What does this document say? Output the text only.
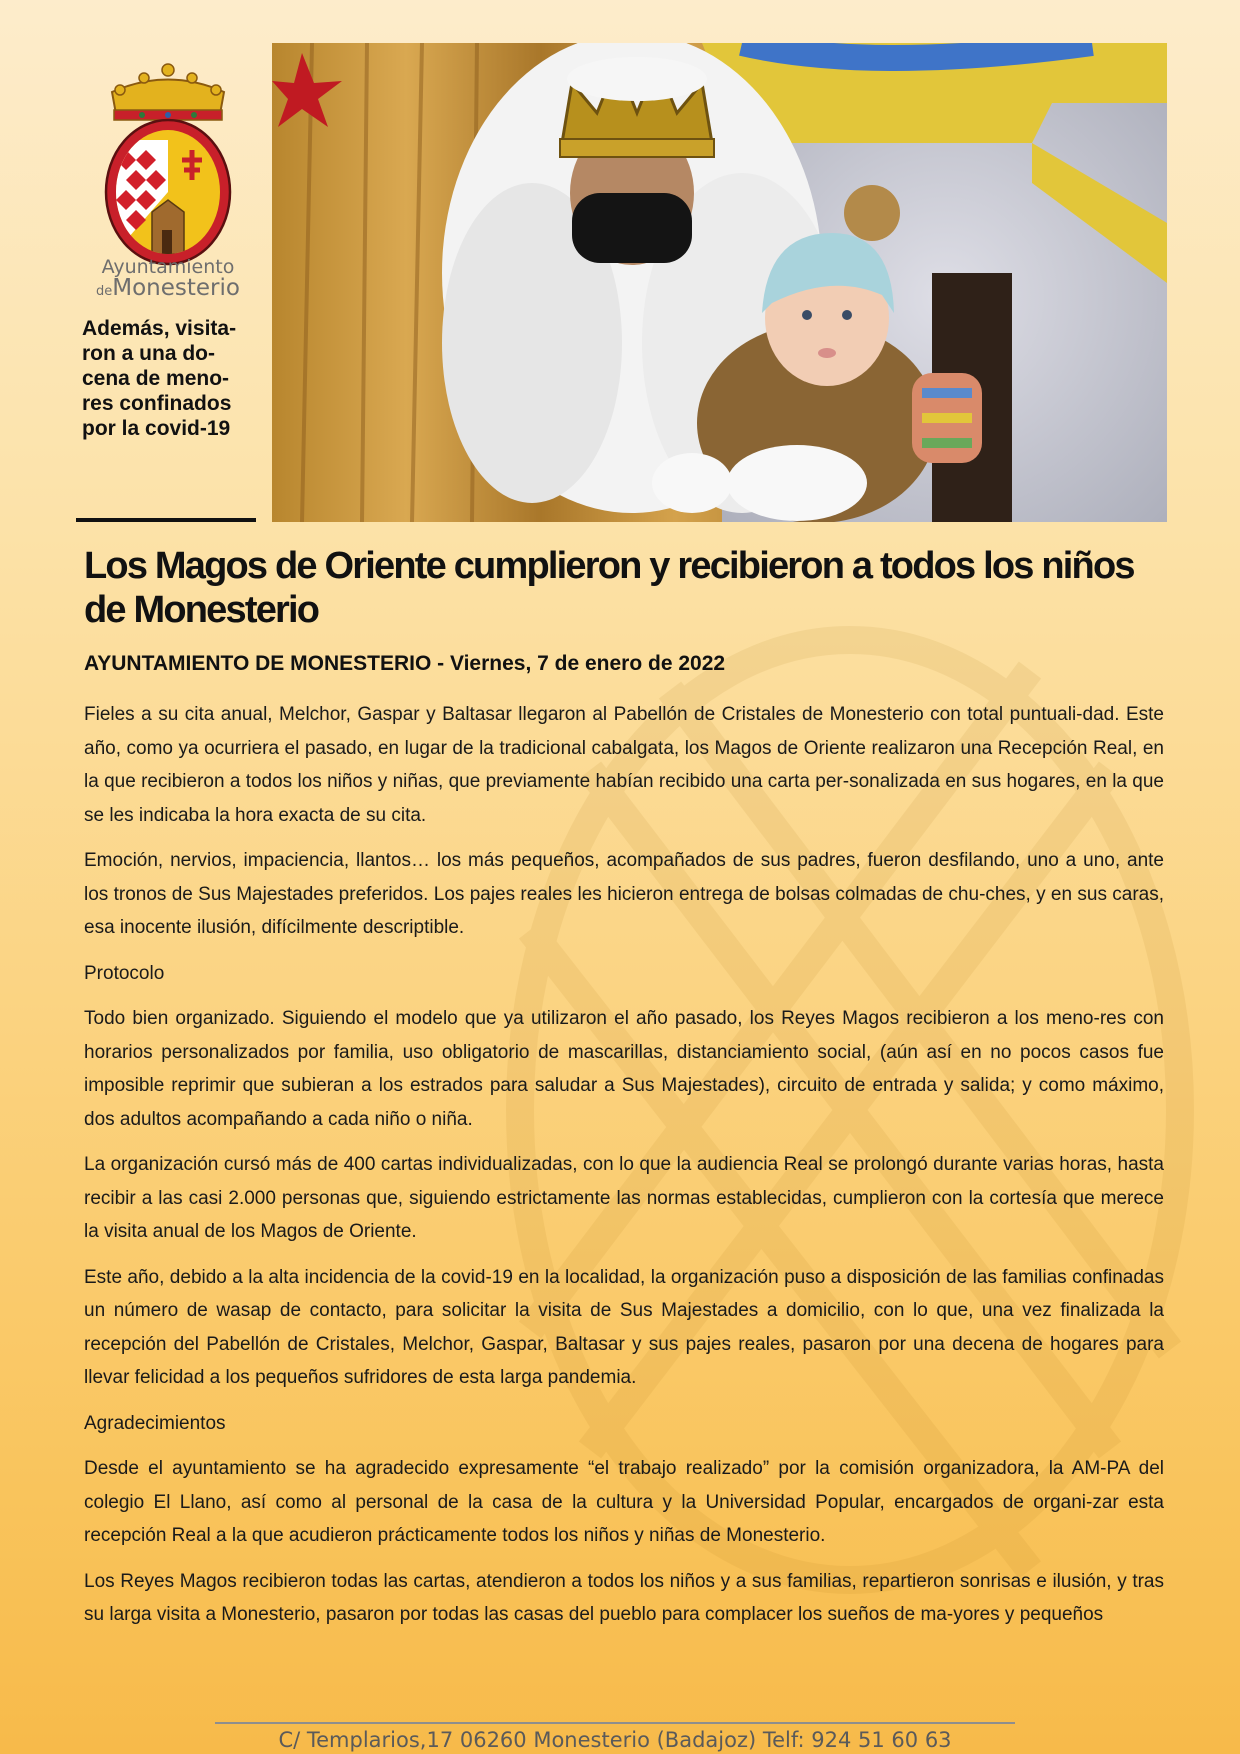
Ayuntamiento
deMonesterio
Además, visita-
ron a una do-
cena de meno-
res confinados
por la covid-19
Los Magos de Oriente cumplieron y recibieron a todos los niños
de Monesterio

AYUNTAMIENTO DE MONESTERIO - Viernes, 7 de enero de 2022

Fieles a su cita anual, Melchor, Gaspar y Baltasar llegaron al Pabellón de Cristales de Monesterio con total puntuali-dad. Este año, como ya ocurriera el pasado, en lugar de la tradicional cabalgata, los Magos de Oriente realizaron una Recepción Real, en la que recibieron a todos los niños y niñas, que previamente habían recibido una carta per-sonalizada en sus hogares, en la que se les indicaba la hora exacta de su cita.

Emoción, nervios, impaciencia, llantos… los más pequeños, acompañados de sus padres, fueron desfilando, uno a uno, ante los tronos de Sus Majestades preferidos. Los pajes reales les hicieron entrega de bolsas colmadas de chu-ches, y en sus caras, esa inocente ilusión, difícilmente descriptible.

Protocolo

Todo bien organizado. Siguiendo el modelo que ya utilizaron el año pasado, los Reyes Magos recibieron a los meno-res con horarios personalizados por familia, uso obligatorio de mascarillas, distanciamiento social, (aún así en no pocos casos fue imposible reprimir que subieran a los estrados para saludar a Sus Majestades), circuito de entrada y salida; y como máximo, dos adultos acompañando a cada niño o niña.

La organización cursó más de 400 cartas individualizadas, con lo que la audiencia Real se prolongó durante varias horas, hasta recibir a las casi 2.000 personas que, siguiendo estrictamente las normas establecidas, cumplieron con la cortesía que merece la visita anual de los Magos de Oriente.

Este año, debido a la alta incidencia de la covid-19 en la localidad, la organización puso a disposición de las familias confinadas un número de wasap de contacto, para solicitar la visita de Sus Majestades a domicilio, con lo que, una vez finalizada la recepción del Pabellón de Cristales, Melchor, Gaspar, Baltasar y sus pajes reales, pasaron por una decena de hogares para llevar felicidad a los pequeños sufridores de esta larga pandemia.

Agradecimientos

Desde el ayuntamiento se ha agradecido expresamente “el trabajo realizado” por la comisión organizadora, la AM-PA del colegio El Llano, así como al personal de la casa de la cultura y la Universidad Popular, encargados de organi-zar esta recepción Real a la que acudieron prácticamente todos los niños y niñas de Monesterio.

Los Reyes Magos recibieron todas las cartas, atendieron a todos los niños y a sus familias, repartieron sonrisas e ilusión, y tras su larga visita a Monesterio, pasaron por todas las casas del pueblo para complacer los sueños de ma-yores y pequeños

C/ Templarios,17 06260 Monesterio (Badajoz) Telf: 924 51 60 63
